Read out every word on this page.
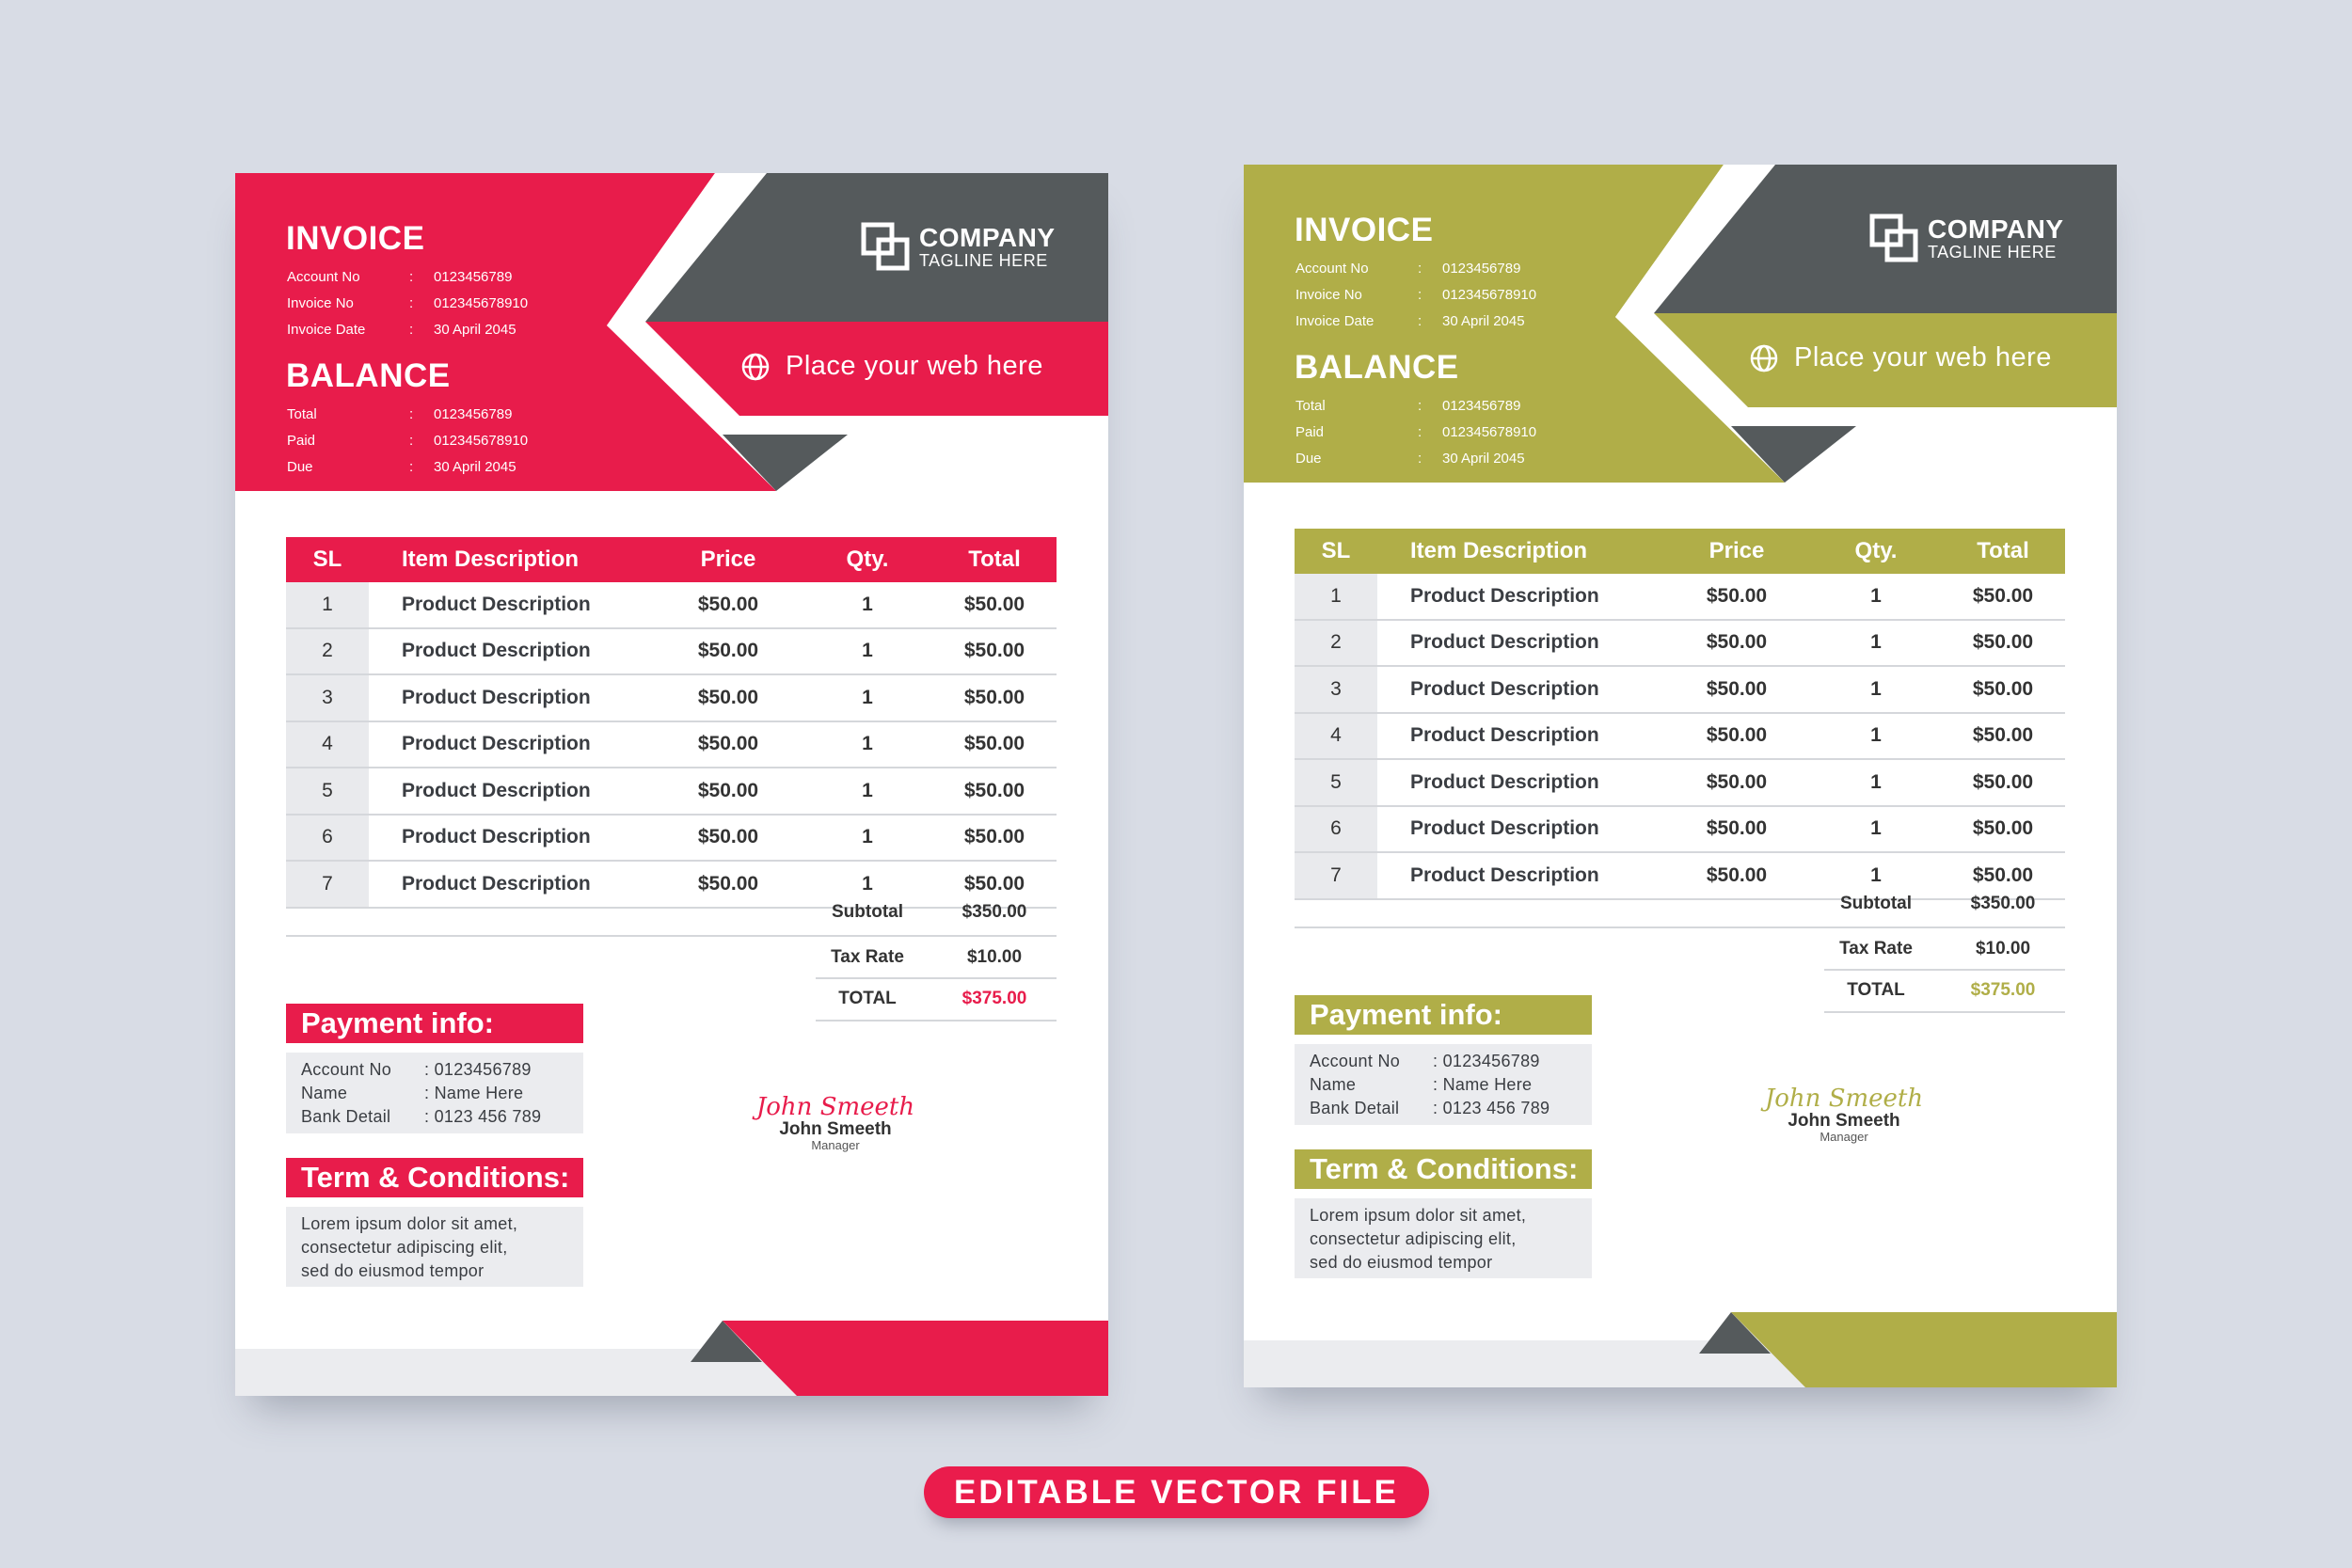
INVOICE
Account No	: 0123456789
Invoice No	: 012345678910
Invoice Date	: 30 April 2045
BALANCE
Total	: 0123456789
Paid	: 012345678910
Due	: 30 April 2045
COMPANY
TAGLINE HERE
Place your web here
SL	Item Description	Price	Qty.	Total
1	Product Description	$50.00	1	$50.00
2	Product Description	$50.00	1	$50.00
3	Product Description	$50.00	1	$50.00
4	Product Description	$50.00	1	$50.00
5	Product Description	$50.00	1	$50.00
6	Product Description	$50.00	1	$50.00
7	Product Description	$50.00	1	$50.00
Subtotal	$350.00
Tax Rate	$10.00
TOTAL	$375.00
Payment info:
Account No : 0123456789
Name	: Name Here
Bank Detail : 0123 456 789
Term & Conditions:
Lorem ipsum dolor sit amet,
consectetur adipiscing elit,
sed do eiusmod tempor
John Smeeth
John Smeeth
Manager
INVOICE
Account No	: 0123456789
Invoice No	: 012345678910
Invoice Date	: 30 April 2045
BALANCE
Total	: 0123456789
Paid	: 012345678910
Due	: 30 April 2045
COMPANY
TAGLINE HERE
Place your web here
SL	Item Description	Price	Qty.	Total
1	Product Description	$50.00	1	$50.00
2	Product Description	$50.00	1	$50.00
3	Product Description	$50.00	1	$50.00
4	Product Description	$50.00	1	$50.00
5	Product Description	$50.00	1	$50.00
6	Product Description	$50.00	1	$50.00
7	Product Description	$50.00	1	$50.00
Subtotal	$350.00
Tax Rate	$10.00
TOTAL	$375.00
Payment info:
Account No : 0123456789
Name	: Name Here
Bank Detail : 0123 456 789
Term & Conditions:
Lorem ipsum dolor sit amet,
consectetur adipiscing elit,
sed do eiusmod tempor
John Smeeth
John Smeeth
Manager
EDITABLE VECTOR FILE
